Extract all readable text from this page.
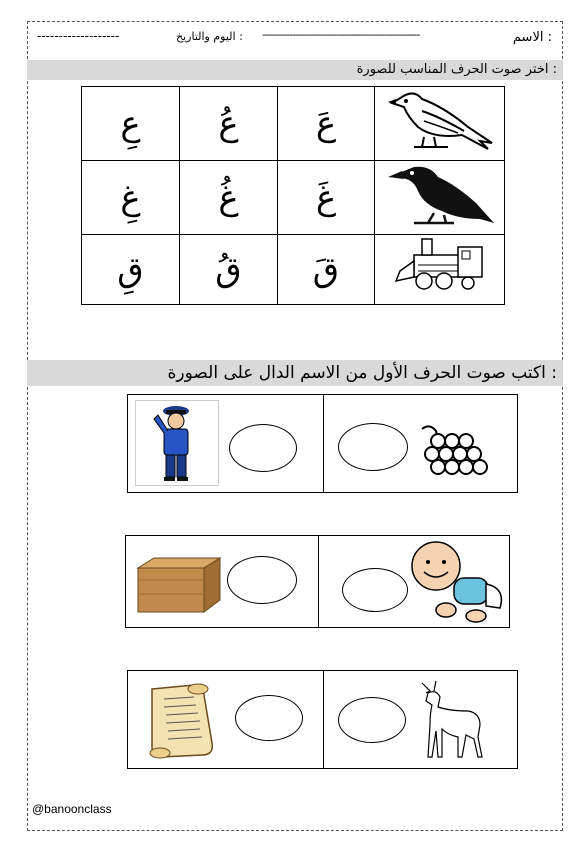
الاسم :
-----------------------------------------------------
اليوم والتاريخ :
-------------------
اختر صوت الحرف المناسب للصورة :
عِ	عُ	عَ	
غِ	غُ	غَ	
قِ	قُ	قَ	
اكتب صوت الحرف الأول من الاسم الدال على الصورة :
@banoonclass
